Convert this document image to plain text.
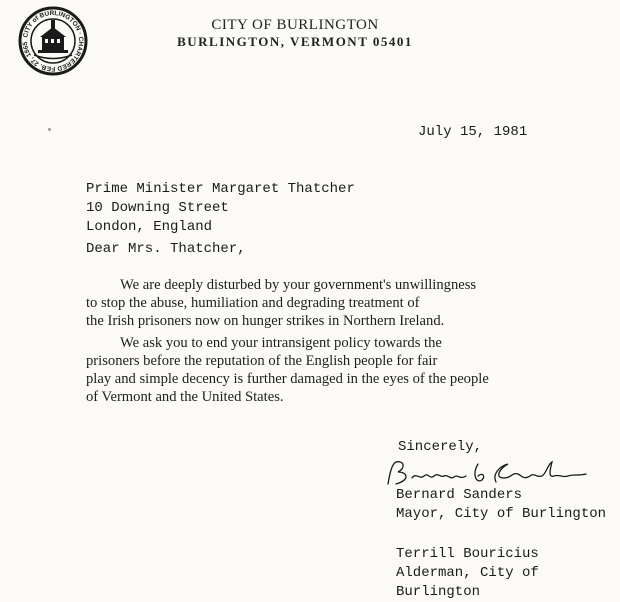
CITY of BURLINGTON · CHARTERED FEB. 27, 1865
CITY OF BURLINGTON
BURLINGTON, VERMONT 05401
July 15, 1981
Prime Minister Margaret Thatcher
10 Downing Street
London, England
Dear Mrs. Thatcher,
We are deeply disturbed by your government's unwillingness
to stop the abuse, humiliation and degrading treatment of
the Irish prisoners now on hunger strikes in Northern Ireland.
We ask you to end your intransigent policy towards the
prisoners before the reputation of the English people for fair
play and simple decency is further damaged in the eyes of the people
of Vermont and the United States.
Sincerely,
Bernard Sanders
Mayor, City of Burlington
Terrill Bouricius
Alderman, City of Burlington
